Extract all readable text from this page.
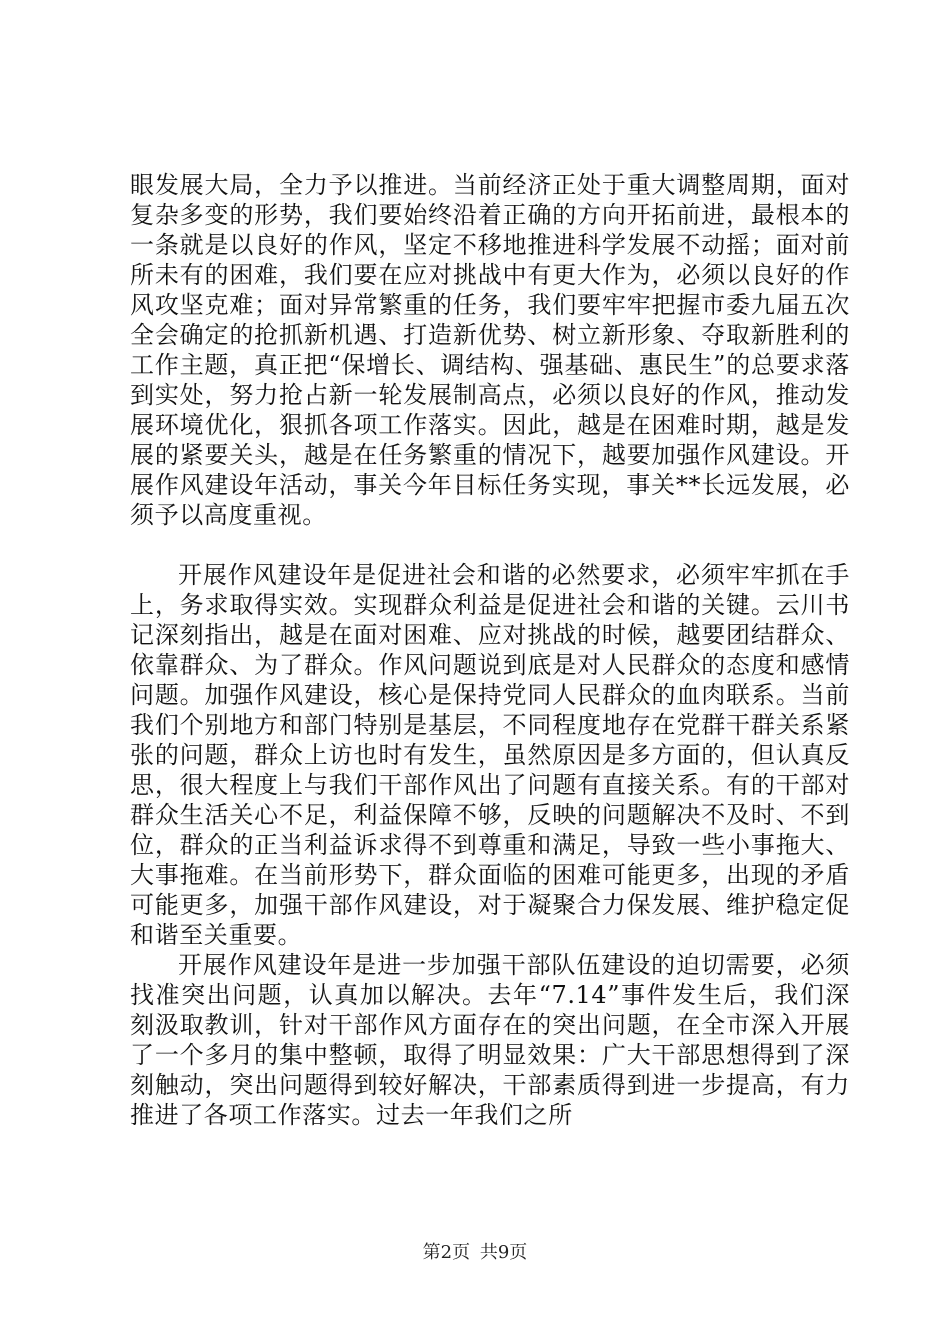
眼发展大局，全力予以推进。当前经济正处于重大调整周期，面对复杂多变的形势，我们要始终沿着正确的方向开拓前进，最根本的一条就是以良好的作风，坚定不移地推进科学发展不动摇；面对前所未有的困难，我们要在应对挑战中有更大作为，必须以良好的作风攻坚克难；面对异常繁重的任务，我们要牢牢把握市委九届五次全会确定的抢抓新机遇、打造新优势、树立新形象、夺取新胜利的工作主题，真正把“保增长、调结构、强基础、惠民生”的总要求落到实处，努力抢占新一轮发展制高点，必须以良好的作风，推动发展环境优化，狠抓各项工作落实。因此，越是在困难时期，越是发展的紧要关头，越是在任务繁重的情况下，越要加强作风建设。开展作风建设年活动，事关今年目标任务实现，事关**长远发展，必须予以高度重视。

开展作风建设年是促进社会和谐的必然要求，必须牢牢抓在手上，务求取得实效。实现群众利益是促进社会和谐的关键。云川书记深刻指出，越是在面对困难、应对挑战的时候，越要团结群众、依靠群众、为了群众。作风问题说到底是对人民群众的态度和感情问题。加强作风建设，核心是保持党同人民群众的血肉联系。当前我们个别地方和部门特别是基层，不同程度地存在党群干群关系紧张的问题，群众上访也时有发生，虽然原因是多方面的，但认真反思，很大程度上与我们干部作风出了问题有直接关系。有的干部对群众生活关心不足，利益保障不够，反映的问题解决不及时、不到位，群众的正当利益诉求得不到尊重和满足，导致一些小事拖大、大事拖难。在当前形势下，群众面临的困难可能更多，出现的矛盾可能更多，加强干部作风建设，对于凝聚合力保发展、维护稳定促和谐至关重要。

开展作风建设年是进一步加强干部队伍建设的迫切需要，必须找准突出问题，认真加以解决。去年“7.14”事件发生后，我们深刻汲取教训，针对干部作风方面存在的突出问题，在全市深入开展了一个多月的集中整顿，取得了明显效果：广大干部思想得到了深刻触动，突出问题得到较好解决，干部素质得到进一步提高，有力推进了各项工作落实。过去一年我们之所

第2页 共9页
